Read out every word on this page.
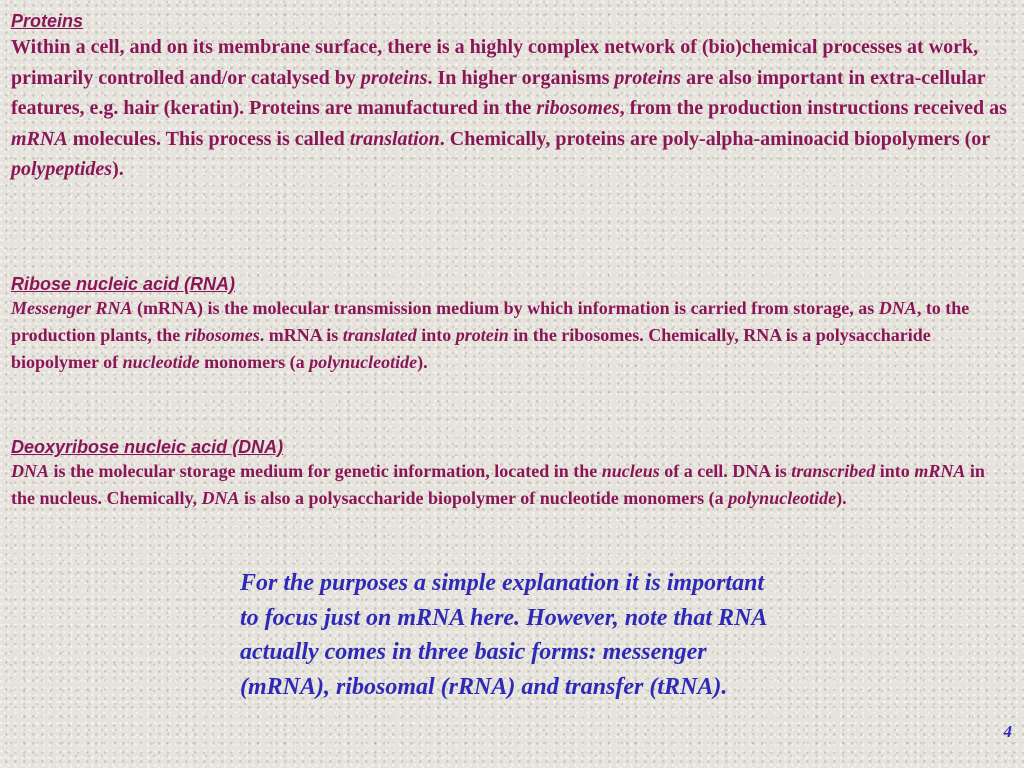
Proteins

Within a cell, and on its membrane surface, there is a highly complex network of (bio)chemical processes at work, primarily controlled and/or catalysed by proteins. In higher organisms proteins are also important in extra-cellular features, e.g. hair (keratin). Proteins are manufactured in the ribosomes, from the production instructions received as mRNA molecules. This process is called translation. Chemically, proteins are poly-alpha-aminoacid biopolymers (or polypeptides).

Ribose nucleic acid (RNA)

Messenger RNA (mRNA) is the molecular transmission medium by which information is carried from storage, as DNA, to the production plants, the ribosomes. mRNA is translated into protein in the ribosomes. Chemically, RNA is a polysaccharide biopolymer of nucleotide monomers (a polynucleotide).

Deoxyribose nucleic acid (DNA)

DNA is the molecular storage medium for genetic information, located in the nucleus of a cell. DNA is transcribed into mRNA in the nucleus. Chemically, DNA is also a polysaccharide biopolymer of nucleotide monomers (a polynucleotide).

For the purposes a simple explanation it is important to focus just on mRNA here. However, note that RNA actually comes in three basic forms: messenger (mRNA), ribosomal (rRNA) and transfer (tRNA).

4
